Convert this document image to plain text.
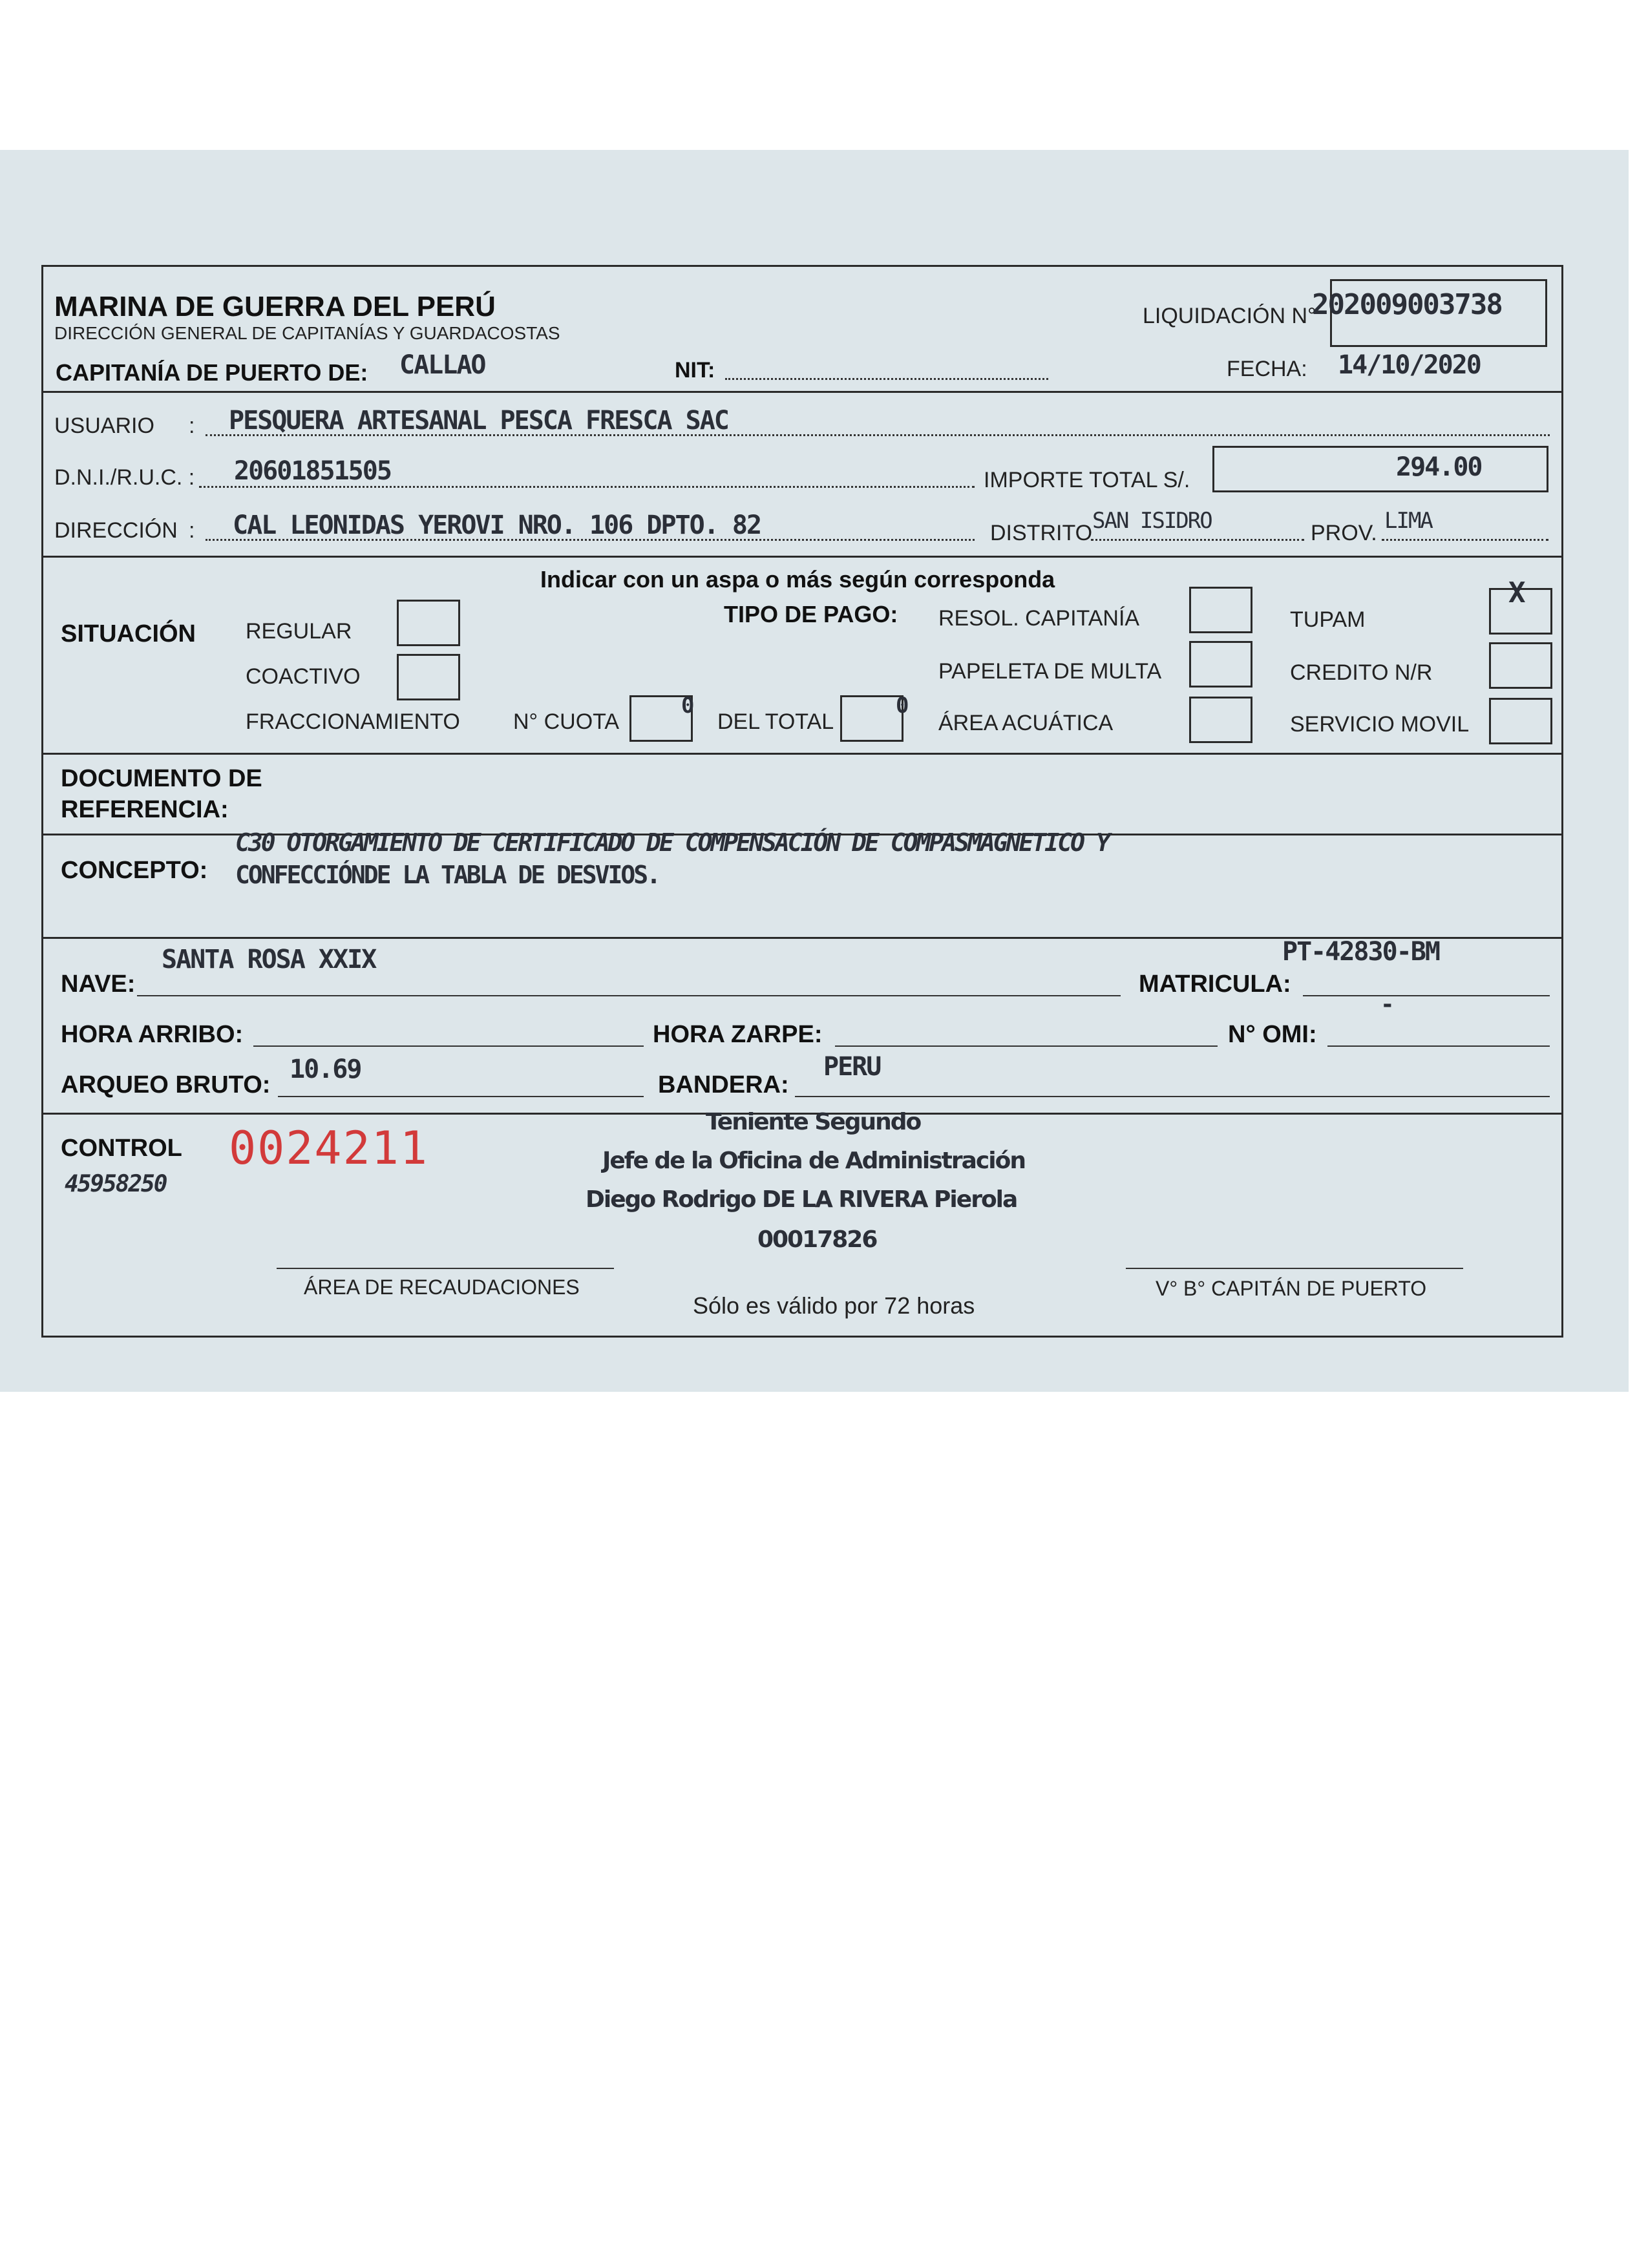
MARINA DE GUERRA DEL PERÚ
DIRECCIÓN GENERAL DE CAPITANÍAS Y GUARDACOSTAS
LIQUIDACIÓN N°
202009003738
CAPITANÍA DE PUERTO DE: CALLAO	NIT:	FECHA: 14/10/2020
USUARIO : PESQUERA ARTESANAL PESCA FRESCA SAC
D.N.I./R.U.C. : 20601851505	IMPORTE TOTAL S/.	294.00
DIRECCIÓN : CAL LEONIDAS YEROVI NRO. 106 DPTO. 82	DISTRITO SAN ISIDRO	PROV. LIMA
Indicar con un aspa o más según corresponda
SITUACIÓN REGULAR
COACTIVO
FRACCIONAMIENTO N° CUOTA
0
DEL TOTAL
0
TIPO DE PAGO: RESOL. CAPITANÍA
PAPELETA DE MULTA
ÁREA ACUÁTICA
TUPAM
X
CREDITO N/R
SERVICIO MOVIL
DOCUMENTO DE
REFERENCIA:
CONCEPTO:
C30 OTORGAMIENTO DE CERTIFICADO DE COMPENSACIÓN DE COMPASMAGNETICO Y
CONFECCIÓNDE LA TABLA DE DESVIOS.
NAVE:
SANTA ROSA XXIX
MATRICULA:
PT-42830-BM
HORA ARRIBO:	HORA ZARPE:	N° OMI:
-
ARQUEO BRUTO:
10.69
BANDERA:
PERU
CONTROL 0024211
45958250
Teniente Segundo
Jefe de la Oficina de Administración
Diego Rodrigo DE LA RIVERA Pierola
00017826
ÁREA DE RECAUDACIONES
Sólo es válido por 72 horas
V° B° CAPITÁN DE PUERTO
